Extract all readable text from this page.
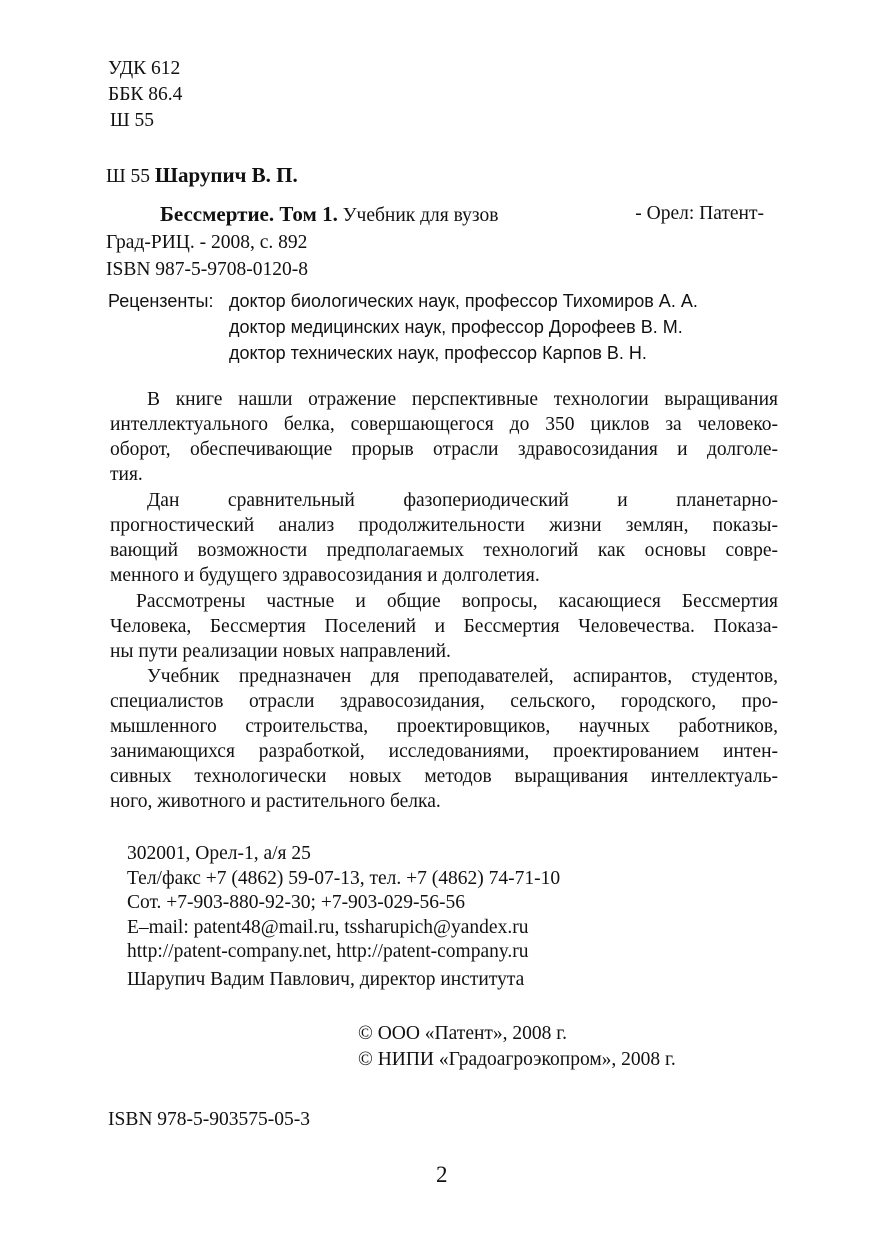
УДК 612
ББК 86.4
Ш 55
Ш 55 Шарупич В. П.
Бессмертие. Том 1. Учебник для вузов	- Орел: Патент-
Град-РИЦ. - 2008, с. 892
ISBN 987-5-9708-0120-8
Рецензенты: доктор биологических наук, профессор Тихомиров А. А.
доктор медицинских наук, профессор Дорофеев В. М.
доктор технических наук, профессор Карпов В. Н.
В книге нашли отражение перспективные технологии выращивания
интеллектуального белка, совершающегося до 350 циклов за человеко-
оборот, обеспечивающие прорыв отрасли здравосозидания и долголе-
тия.
Дан сравнительный фазопериодический и планетарно-
прогностический анализ продолжительности жизни землян, показы-
вающий возможности предполагаемых технологий как основы совре-
менного и будущего здравосозидания и долголетия.
Рассмотрены частные и общие вопросы, касающиеся Бессмертия
Человека, Бессмертия Поселений и Бессмертия Человечества. Показа-
ны пути реализации новых направлений.
Учебник предназначен для преподавателей, аспирантов, студентов,
специалистов отрасли здравосозидания, сельского, городского, про-
мышленного строительства, проектировщиков, научных работников,
занимающихся разработкой, исследованиями, проектированием интен-
сивных технологически новых методов выращивания интеллектуаль-
ного, животного и растительного белка.
302001, Орел-1, а/я 25
Тел/факс +7 (4862) 59-07-13, тел. +7 (4862) 74-71-10
Сот. +7-903-880-92-30; +7-903-029-56-56
E–mail: patent48@mail.ru, tssharupich@yandex.ru
http://patent-company.net, http://patent-company.ru
Шарупич Вадим Павлович, директор института
© ООО «Патент», 2008 г.
© НИПИ «Градоагроэкопром», 2008 г.
ISBN 978-5-903575-05-3
2
